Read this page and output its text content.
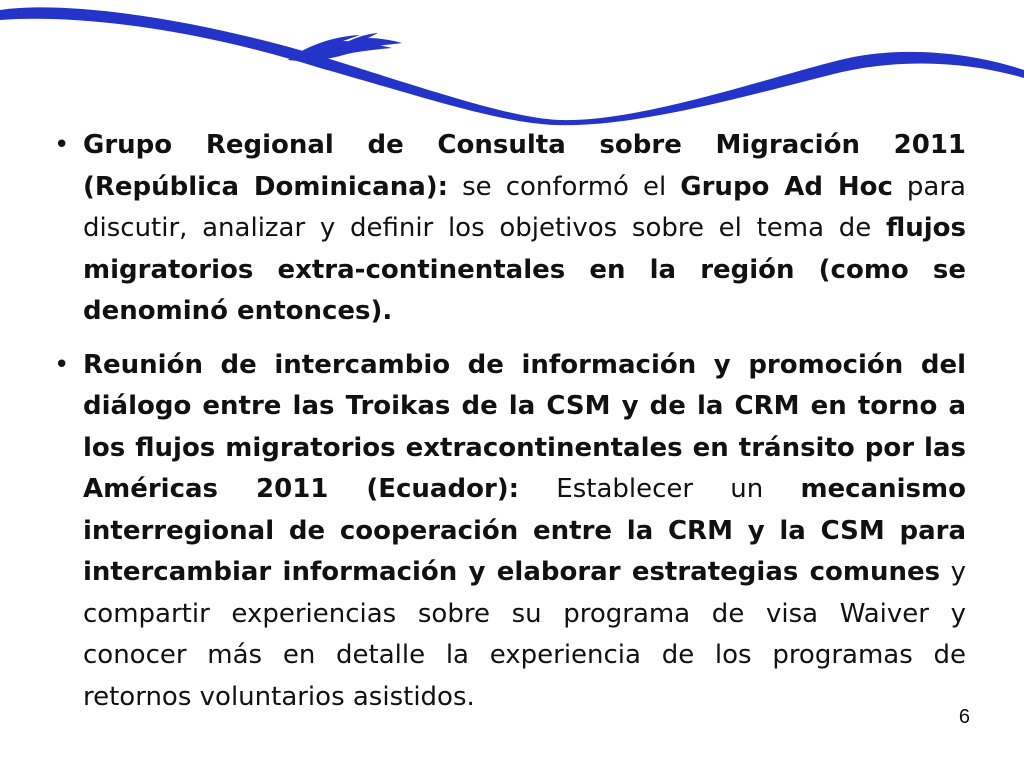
• Grupo Regional de Consulta sobre Migración 2011 (República Dominicana): se conformó el Grupo Ad Hoc para discutir, analizar y definir los objetivos sobre el tema de flujos migratorios extra-continentales en la región (como se denominó entonces).

• Reunión de intercambio de información y promoción del diálogo entre las Troikas de la CSM y de la CRM en torno a los flujos migratorios extracontinentales en tránsito por las Américas 2011 (Ecuador): Establecer un mecanismo interregional de cooperación entre la CRM y la CSM para intercambiar información y elaborar estrategias comunes y compartir experiencias sobre su programa de visa Waiver y conocer más en detalle la experiencia de los programas de retornos voluntarios asistidos.

6
